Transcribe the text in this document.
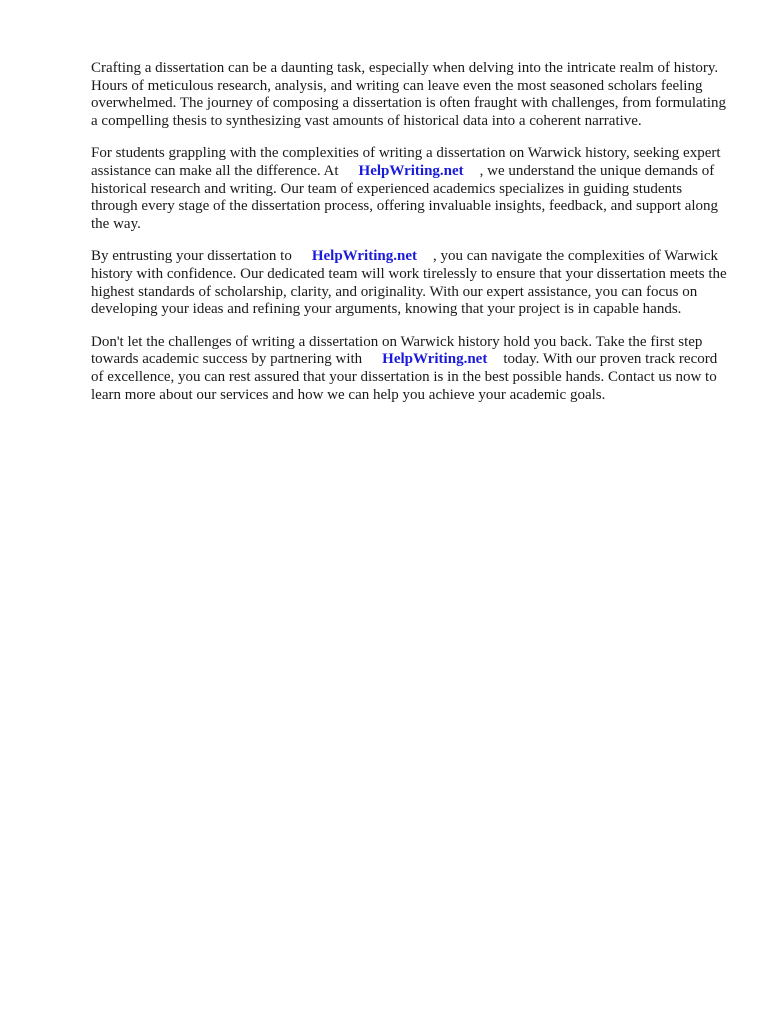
Crafting a dissertation can be a daunting task, especially when delving into the intricate realm of history. Hours of meticulous research, analysis, and writing can leave even the most seasoned scholars feeling overwhelmed. The journey of composing a dissertation is often fraught with challenges, from formulating a compelling thesis to synthesizing vast amounts of historical data into a coherent narrative.

For students grappling with the complexities of writing a dissertation on Warwick history, seeking expert assistance can make all the difference. At HelpWriting.net , we understand the unique demands of historical research and writing. Our team of experienced academics specializes in guiding students through every stage of the dissertation process, offering invaluable insights, feedback, and support along the way.

By entrusting your dissertation to HelpWriting.net , you can navigate the complexities of Warwick history with confidence. Our dedicated team will work tirelessly to ensure that your dissertation meets the highest standards of scholarship, clarity, and originality. With our expert assistance, you can focus on developing your ideas and refining your arguments, knowing that your project is in capable hands.

Don't let the challenges of writing a dissertation on Warwick history hold you back. Take the first step towards academic success by partnering with HelpWriting.net today. With our proven track record of excellence, you can rest assured that your dissertation is in the best possible hands. Contact us now to learn more about our services and how we can help you achieve your academic goals.
